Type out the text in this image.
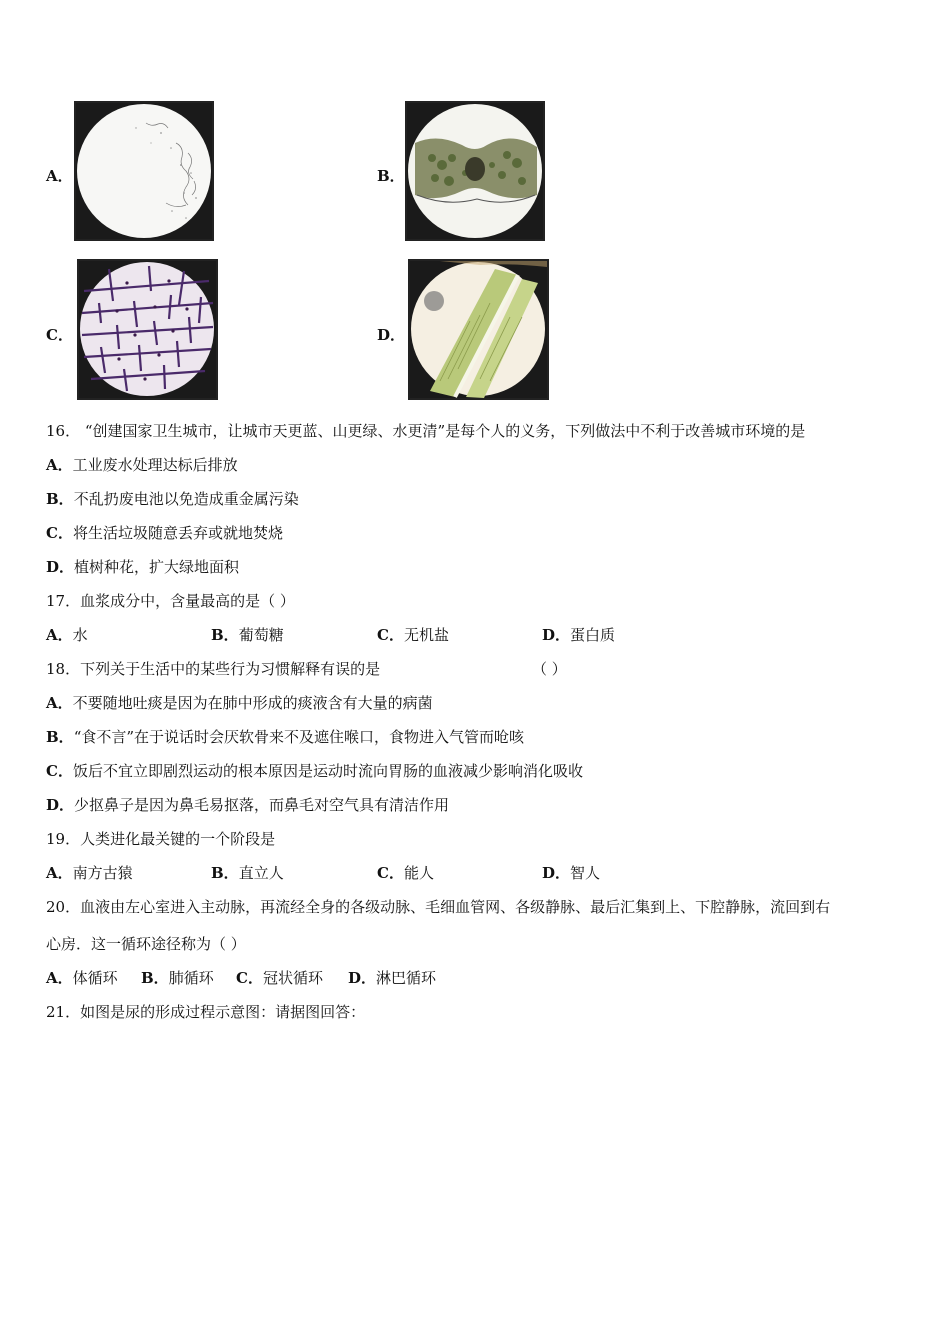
A．	B．
C．	D．
16． “创建国家卫生城市，让城市天更蓝、山更绿、水更清”是每个人的义务，下列做法中不利于改善城市环境的是
A．工业废水处理达标后排放
B．不乱扔废电池以免造成重金属污染
C．将生活垃圾随意丢弃或就地焚烧
D．植树种花，扩大绿地面积
17．血浆成分中，含量最高的是（ ）
A．水	B．葡萄糖	C．无机盐	D．蛋白质
18．下列关于生活中的某些行为习惯解释有误的是	（ ）
A．不要随地吐痰是因为在肺中形成的痰液含有大量的病菌
B．“食不言”在于说话时会厌软骨来不及遮住喉口，食物进入气管而呛咳
C．饭后不宜立即剧烈运动的根本原因是运动时流向胃肠的血液减少影响消化吸收
D．少抠鼻子是因为鼻毛易抠落，而鼻毛对空气具有清洁作用
19．人类进化最关键的一个阶段是
A．南方古猿	B．直立人	C．能人	D．智人
20．血液由左心室进入主动脉，再流经全身的各级动脉、毛细血管网、各级静脉、最后汇集到上、下腔静脉，流回到右
心房．这一循环途径称为（ ）
A．体循环 B．肺循环 C．冠状循环 D．淋巴循环
21．如图是尿的形成过程示意图：请据图回答：
